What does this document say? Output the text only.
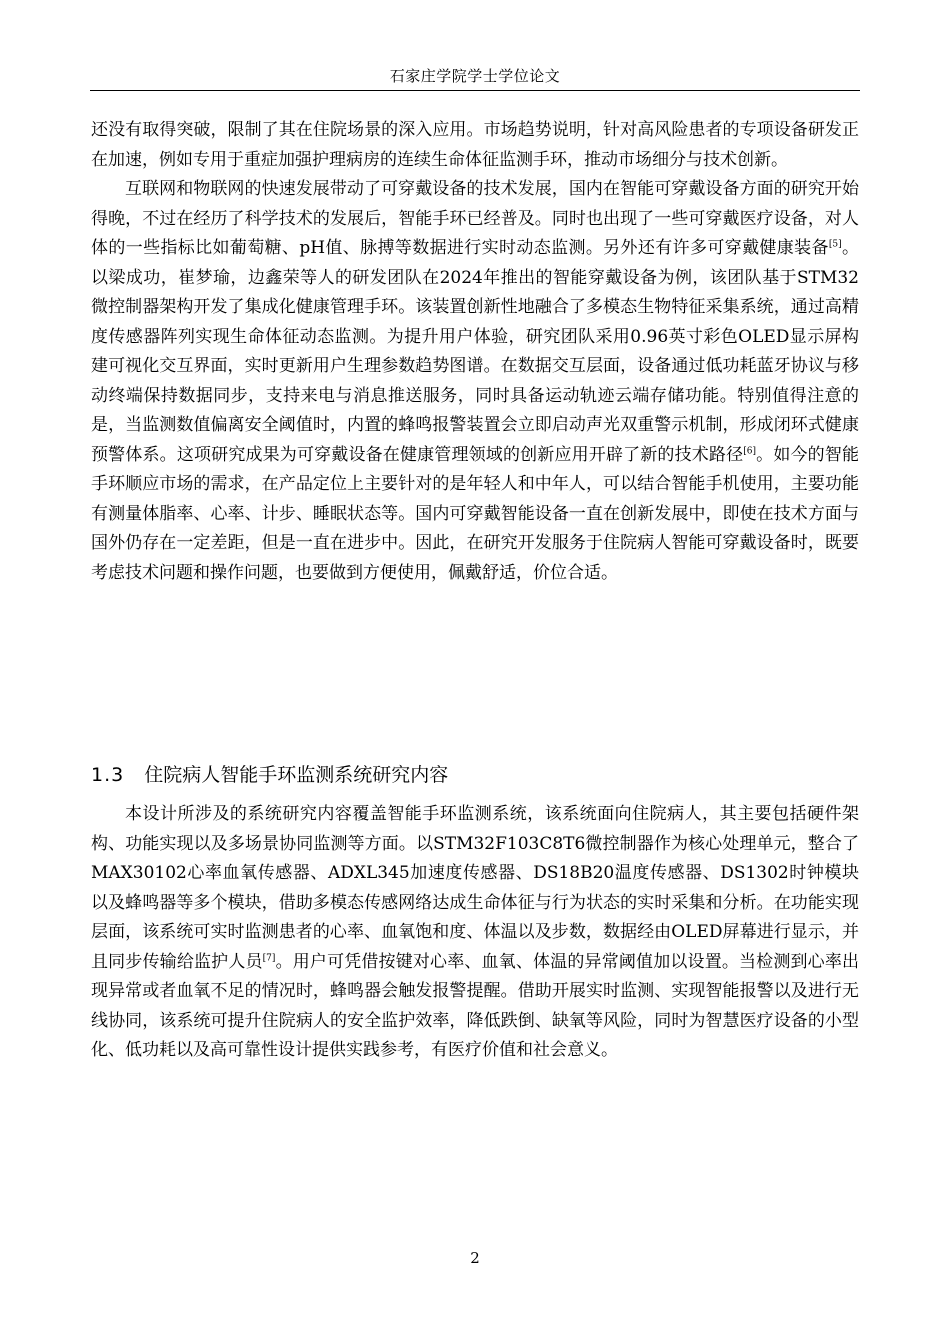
石家庄学院学士学位论文

还没有取得突破，限制了其在住院场景的深入应用。市场趋势说明，针对高风险患者的专项设备研发正在加速，例如专用于重症加强护理病房的连续生命体征监测手环，推动市场细分与技术创新。

互联网和物联网的快速发展带动了可穿戴设备的技术发展，国内在智能可穿戴设备方面的研究开始得晚，不过在经历了科学技术的发展后，智能手环已经普及。同时也出现了一些可穿戴医疗设备，对人体的一些指标比如葡萄糖、pH值、脉搏等数据进行实时动态监测。另外还有许多可穿戴健康装备[5]。以梁成功，崔梦瑜，边鑫荣等人的研发团队在2024年推出的智能穿戴设备为例，该团队基于STM32微控制器架构开发了集成化健康管理手环。该装置创新性地融合了多模态生物特征采集系统，通过高精度传感器阵列实现生命体征动态监测。为提升用户体验，研究团队采用0.96英寸彩色OLED显示屏构建可视化交互界面，实时更新用户生理参数趋势图谱。在数据交互层面，设备通过低功耗蓝牙协议与移动终端保持数据同步，支持来电与消息推送服务，同时具备运动轨迹云端存储功能。特别值得注意的是，当监测数值偏离安全阈值时，内置的蜂鸣报警装置会立即启动声光双重警示机制，形成闭环式健康预警体系。这项研究成果为可穿戴设备在健康管理领域的创新应用开辟了新的技术路径[6]。如今的智能手环顺应市场的需求，在产品定位上主要针对的是年轻人和中年人，可以结合智能手机使用，主要功能有测量体脂率、心率、计步、睡眠状态等。国内可穿戴智能设备一直在创新发展中，即使在技术方面与国外仍存在一定差距，但是一直在进步中。因此，在研究开发服务于住院病人智能可穿戴设备时，既要考虑技术问题和操作问题，也要做到方便使用，佩戴舒适，价位合适。

1.3 住院病人智能手环监测系统研究内容

本设计所涉及的系统研究内容覆盖智能手环监测系统，该系统面向住院病人，其主要包括硬件架构、功能实现以及多场景协同监测等方面。以STM32F103C8T6微控制器作为核心处理单元，整合了MAX30102心率血氧传感器、ADXL345加速度传感器、DS18B20温度传感器、DS1302时钟模块以及蜂鸣器等多个模块，借助多模态传感网络达成生命体征与行为状态的实时采集和分析。在功能实现层面，该系统可实时监测患者的心率、血氧饱和度、体温以及步数，数据经由OLED屏幕进行显示，并且同步传输给监护人员[7]。用户可凭借按键对心率、血氧、体温的异常阈值加以设置。当检测到心率出现异常或者血氧不足的情况时，蜂鸣器会触发报警提醒。借助开展实时监测、实现智能报警以及进行无线协同，该系统可提升住院病人的安全监护效率，降低跌倒、缺氧等风险，同时为智慧医疗设备的小型化、低功耗以及高可靠性设计提供实践参考，有医疗价值和社会意义。

2
